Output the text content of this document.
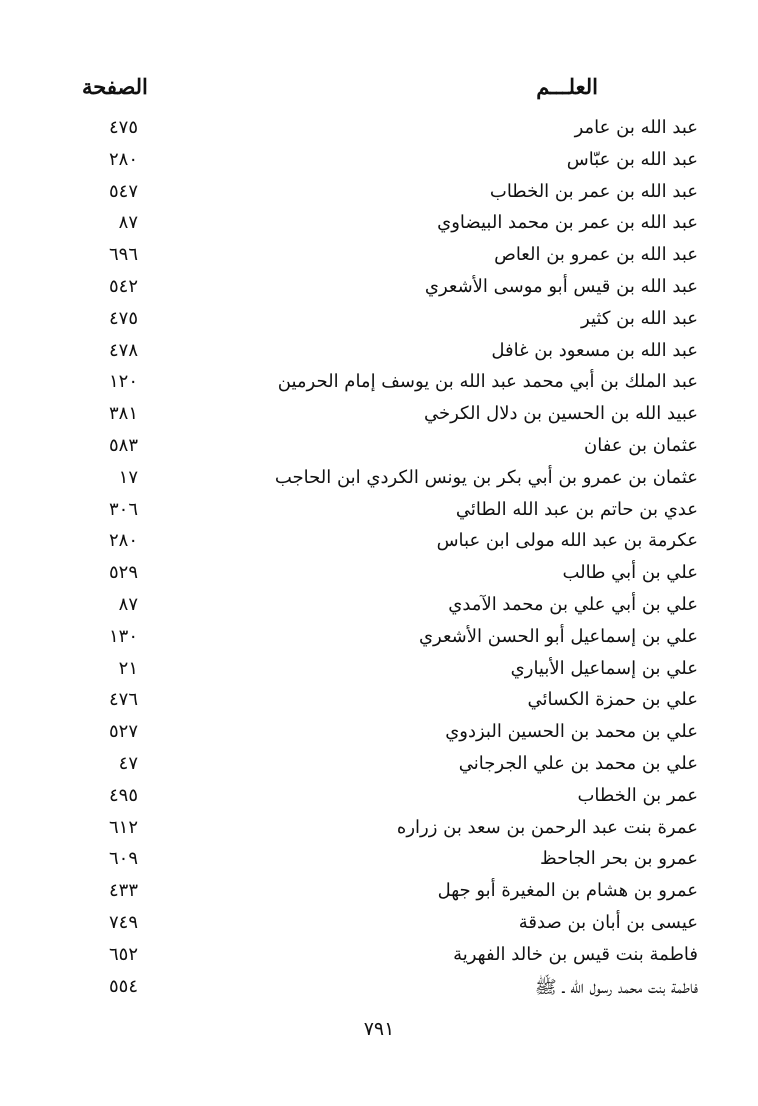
العلـــم
الصفحة
عبد الله بن عامر
٤٧٥
عبد الله بن عبّاس
٢٨٠
عبد الله بن عمر بن الخطاب
٥٤٧
عبد الله بن عمر بن محمد البيضاوي
٨٧
عبد الله بن عمرو بن العاص
٦٩٦
عبد الله بن قيس أبو موسى الأشعري
٥٤٢
عبد الله بن كثير
٤٧٥
عبد الله بن مسعود بن غافل
٤٧٨
عبد الملك بن أبي محمد عبد الله بن يوسف إمام الحرمين
١٢٠
عبيد الله بن الحسين بن دلال الكرخي
٣٨١
عثمان بن عفان
٥٨٣
عثمان بن عمرو بن أبي بكر بن يونس الكردي ابن الحاجب
١٧
عدي بن حاتم بن عبد الله الطائي
٣٠٦
عكرمة بن عبد الله مولى ابن عباس
٢٨٠
علي بن أبي طالب
٥٢٩
علي بن أبي علي بن محمد الآمدي
٨٧
علي بن إسماعيل أبو الحسن الأشعري
١٣٠
علي بن إسماعيل الأبياري
٢١
علي بن حمزة الكسائي
٤٧٦
علي بن محمد بن الحسين البزدوي
٥٢٧
علي بن محمد بن علي الجرجاني
٤٧
عمر بن الخطاب
٤٩٥
عمرة بنت عبد الرحمن بن سعد بن زراره
٦١٢
عمرو بن بحر الجاحظ
٦٠٩
عمرو بن هشام بن المغيرة أبو جهل
٤٣٣
عيسى بن أبان بن صدقة
٧٤٩
فاطمة بنت قيس بن خالد الفهرية
٦٥٢
فاطمة بنت محمد رسول الله ـ ﷺ
٥٥٤
٧٩١
